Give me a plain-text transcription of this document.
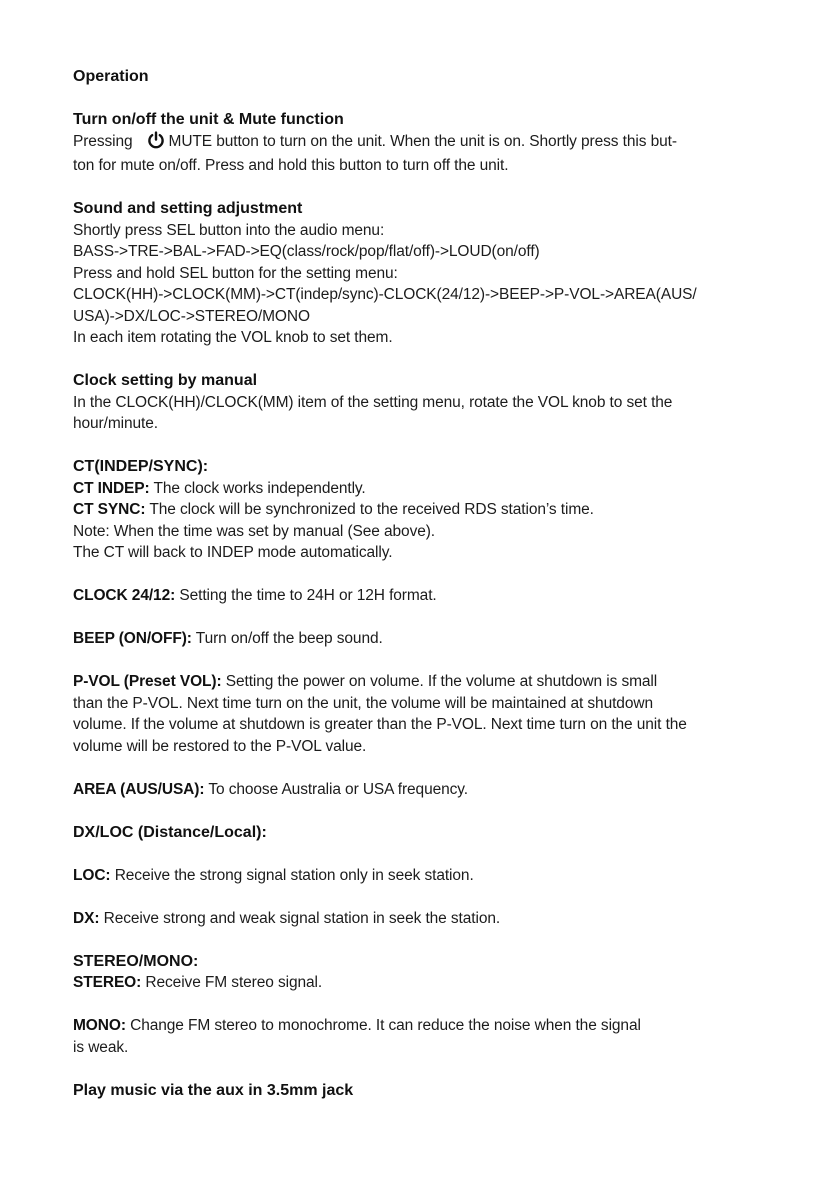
Operation
Turn on/off the unit & Mute function
Pressing MUTE button to turn on the unit. When the unit is on. Shortly press this but-
ton for mute on/off. Press and hold this button to turn off the unit.
Sound and setting adjustment
Shortly press SEL button into the audio menu:
BASS->TRE->BAL->FAD->EQ(class/rock/pop/flat/off)->LOUD(on/off)
Press and hold SEL button for the setting menu:
CLOCK(HH)->CLOCK(MM)->CT(indep/sync)-CLOCK(24/12)->BEEP->P-VOL->AREA(AUS/
USA)->DX/LOC->STEREO/MONO
In each item rotating the VOL knob to set them.
Clock setting by manual
In the CLOCK(HH)/CLOCK(MM) item of the setting menu, rotate the VOL knob to set the
hour/minute.
CT(INDEP/SYNC):
CT INDEP: The clock works independently.
CT SYNC: The clock will be synchronized to the received RDS station’s time.
Note: When the time was set by manual (See above).
The CT will back to INDEP mode automatically.
CLOCK 24/12: Setting the time to 24H or 12H format.
BEEP (ON/OFF): Turn on/off the beep sound.
P-VOL (Preset VOL): Setting the power on volume. If the volume at shutdown is small
than the P-VOL. Next time turn on the unit, the volume will be maintained at shutdown
volume. If the volume at shutdown is greater than the P-VOL. Next time turn on the unit the
volume will be restored to the P-VOL value.
AREA (AUS/USA): To choose Australia or USA frequency.
DX/LOC (Distance/Local):
LOC: Receive the strong signal station only in seek station.
DX: Receive strong and weak signal station in seek the station.
STEREO/MONO:
STEREO: Receive FM stereo signal.
MONO: Change FM stereo to monochrome. It can reduce the noise when the signal
is weak.
Play music via the aux in 3.5mm jack
